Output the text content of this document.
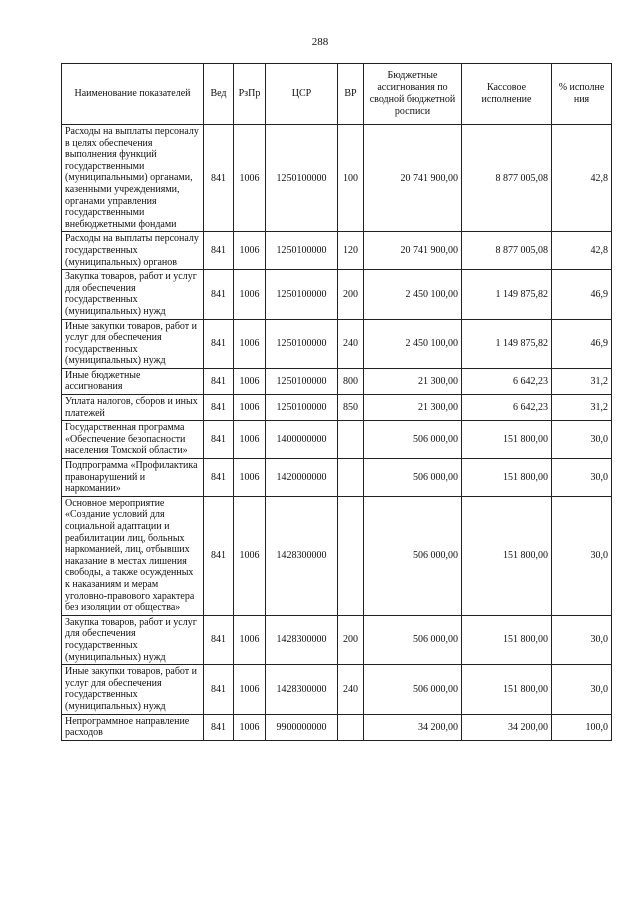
288
Наименование показателей	Вед	РзПр	ЦСР	ВР	Бюджетные ассигнования по сводной бюджетной росписи	Кассовое исполнение	% исполне ния
Расходы на выплаты персоналу в целях обеспечения выполнения функций государственными (муниципальными) органами, казенными учреждениями, органами управления государственными внебюджетными фондами	841	1006	1250100000	100	20 741 900,00	8 877 005,08	42,8
Расходы на выплаты персоналу государственных (муниципальных) органов	841	1006	1250100000	120	20 741 900,00	8 877 005,08	42,8
Закупка товаров, работ и услуг для обеспечения государственных (муниципальных) нужд	841	1006	1250100000	200	2 450 100,00	1 149 875,82	46,9
Иные закупки товаров, работ и услуг для обеспечения государственных (муниципальных) нужд	841	1006	1250100000	240	2 450 100,00	1 149 875,82	46,9
Иные бюджетные ассигнования	841	1006	1250100000	800	21 300,00	6 642,23	31,2
Уплата налогов, сборов и иных платежей	841	1006	1250100000	850	21 300,00	6 642,23	31,2
Государственная программа «Обеспечение безопасности населения Томской области»	841	1006	1400000000		506 000,00	151 800,00	30,0
Подпрограмма «Профилактика правонарушений и наркомании»	841	1006	1420000000		506 000,00	151 800,00	30,0
Основное мероприятие «Создание условий для социальной адаптации и реабилитации лиц, больных наркоманией, лиц, отбывших наказание в местах лишения свободы, а также осужденных к наказаниям и мерам уголовно-правового характера без изоляции от общества»	841	1006	1428300000		506 000,00	151 800,00	30,0
Закупка товаров, работ и услуг для обеспечения государственных (муниципальных) нужд	841	1006	1428300000	200	506 000,00	151 800,00	30,0
Иные закупки товаров, работ и услуг для обеспечения государственных (муниципальных) нужд	841	1006	1428300000	240	506 000,00	151 800,00	30,0
Непрограммное направление расходов	841	1006	9900000000		34 200,00	34 200,00	100,0
